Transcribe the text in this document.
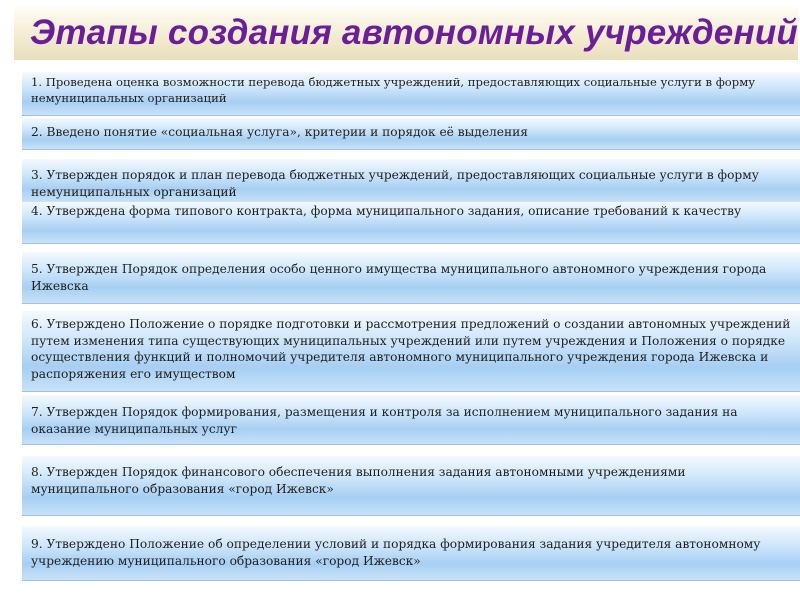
Этапы создания автономных учреждений
1. Проведена оценка возможности перевода бюджетных учреждений, предоставляющих социальные услуги в форму немуниципальных организаций
2. Введено понятие «социальная услуга», критерии и порядок её выделения
3. Утвержден порядок и план перевода бюджетных учреждений, предоставляющих социальные услуги в форму немуниципальных организаций
4. Утверждена форма типового контракта, форма муниципального задания, описание требований к качеству
5. Утвержден Порядок определения особо ценного имущества муниципального автономного учреждения города Ижевска
6. Утверждено Положение о порядке подготовки и рассмотрения предложений о создании автономных учреждений путем изменения типа существующих муниципальных учреждений или путем учреждения и Положения о порядке осуществления функций и полномочий учредителя автономного муниципального учреждения города Ижевска и распоряжения его имуществом
7. Утвержден Порядок формирования, размещения и контроля за исполнением муниципального задания на оказание муниципальных услуг
8. Утвержден Порядок финансового обеспечения выполнения задания автономными учреждениями муниципального образования «город Ижевск»
9. Утверждено Положение об определении условий и порядка формирования задания учредителя автономному учреждению муниципального образования «город Ижевск»
